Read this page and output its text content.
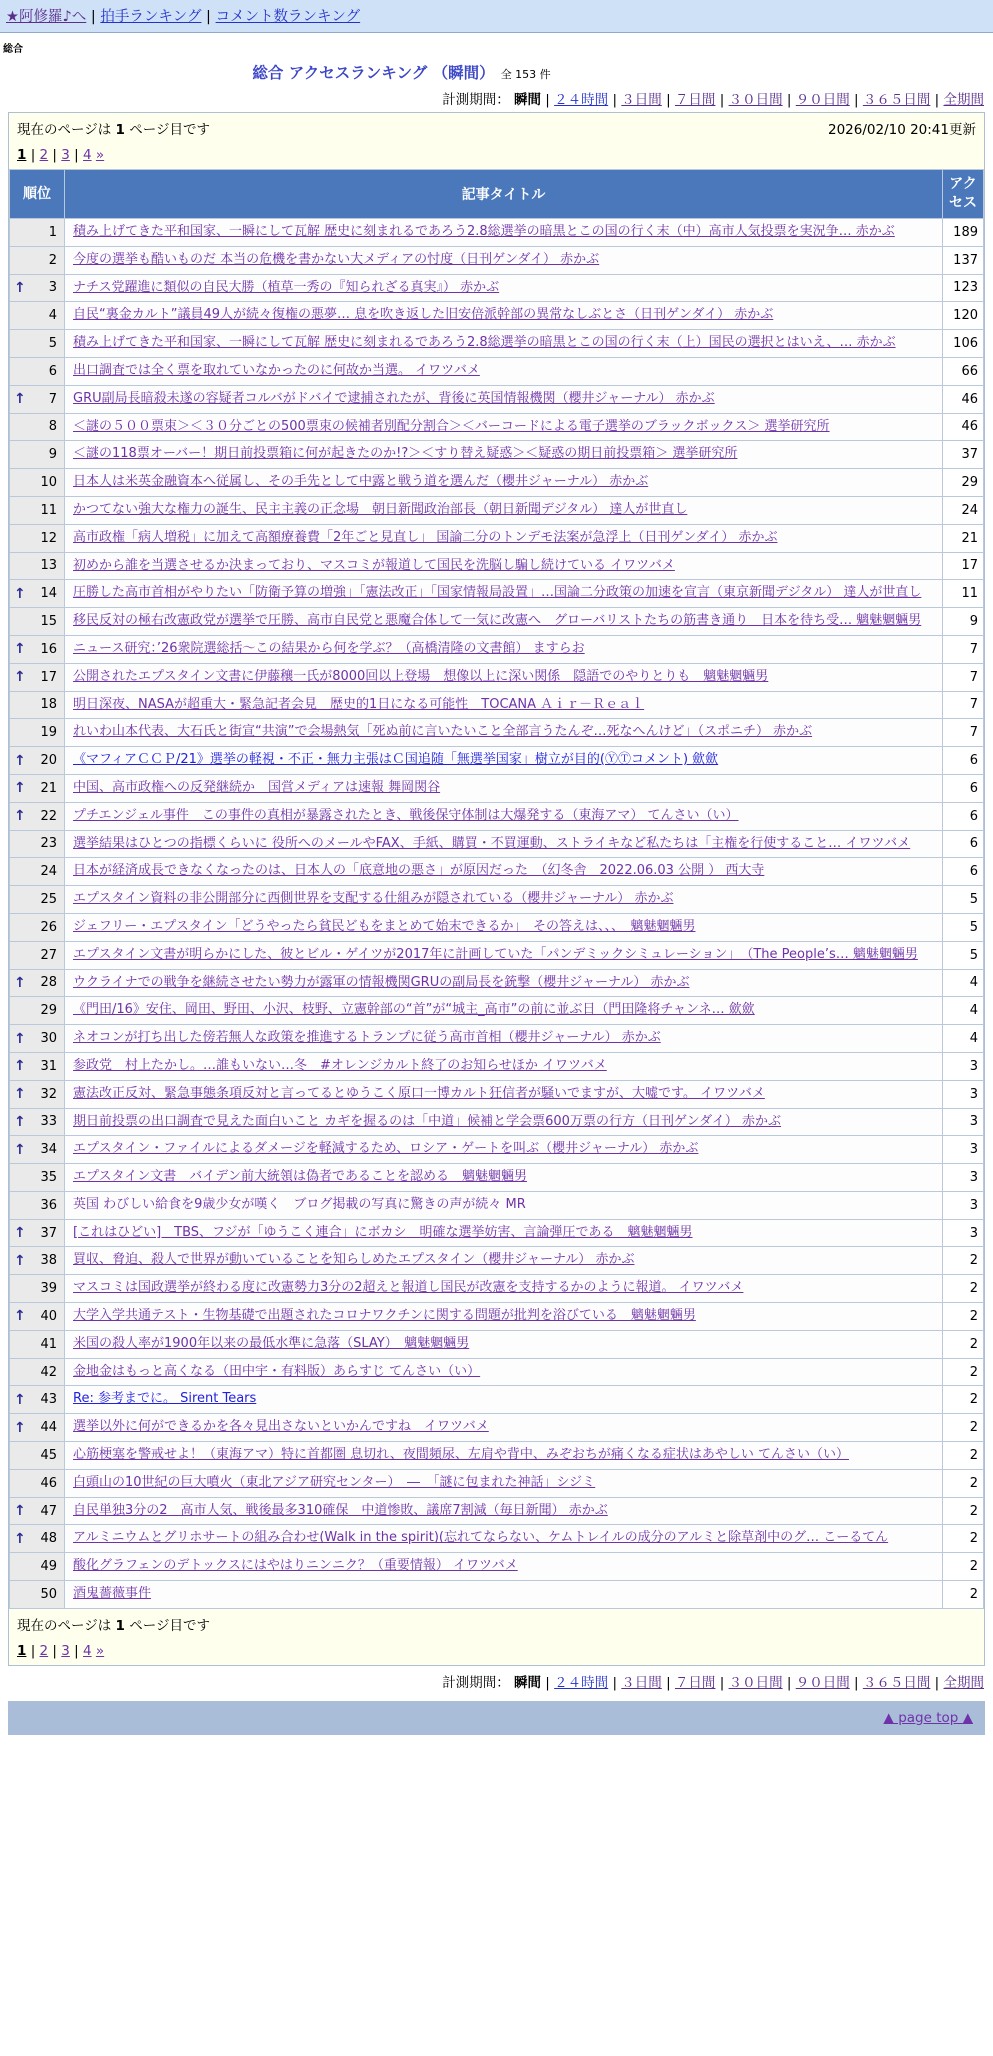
★阿修羅♪へ | 拍手ランキング | コメント数ランキング
総合
総合 アクセスランキング （瞬間） 全 153 件
計測期間： 瞬間 | ２４時間 | ３日間 | ７日間 | ３０日間 | ９０日間 | ３６５日間 | 全期間
現在のページは 1 ページ目です	2026/02/10 20:41更新
1 | 2 | 3 | 4 »
順位	記事タイトル	アクセス

1	積み上げてきた平和国家、一瞬にして瓦解 歴史に刻まれるであろう2.8総選挙の暗黒とこの国の行く末（中）高市人気投票を実況争… 赤かぶ	189
2	今度の選挙も酷いものだ 本当の危機を書かない大メディアの忖度（日刊ゲンダイ） 赤かぶ	137

↑ 3	ナチス党躍進に類似の自民大勝（植草一秀の『知られざる真実』） 赤かぶ	123
4	自民“裏金カルト”議員49人が続々復権の悪夢… 息を吹き返した旧安倍派幹部の異常なしぶとさ（日刊ゲンダイ） 赤かぶ	120
5	積み上げてきた平和国家、一瞬にして瓦解 歴史に刻まれるであろう2.8総選挙の暗黒とこの国の行く末（上）国民の選択とはいえ、… 赤かぶ	106
6	出口調査では全く票を取れていなかったのに何故か当選。 イワツバメ	66

↑ 7	GRU副局長暗殺未遂の容疑者コルバがドバイで逮捕されたが、背後に英国情報機関（櫻井ジャーナル） 赤かぶ	46
8	＜謎の５００票束＞＜３０分ごとの500票束の候補者別配分割合＞＜バーコードによる電子選挙のブラックボックス＞ 選挙研究所	46
9	＜謎の118票オーバー！期日前投票箱に何が起きたのか!?＞＜すり替え疑惑＞＜疑惑の期日前投票箱＞ 選挙研究所	37
10	日本人は米英金融資本へ従属し、その手先として中露と戦う道を選んだ（櫻井ジャーナル） 赤かぶ	29
11	かつてない強大な権力の誕生、民主主義の正念場　朝日新聞政治部長（朝日新聞デジタル） 達人が世直し	24
12	高市政権「病人増税」に加えて高額療養費「2年ごと見直し」 国論二分のトンデモ法案が急浮上（日刊ゲンダイ） 赤かぶ	21
13	初めから誰を当選させるか決まっており、マスコミが報道して国民を洗脳し騙し続けている イワツバメ	17

↑ 14	圧勝した高市首相がやりたい「防衛予算の増強」「憲法改正」「国家情報局設置」…国論二分政策の加速を宣言（東京新聞デジタル） 達人が世直し	11
15	移民反対の極右改憲政党が選挙で圧勝、高市自民党と悪魔合体して一気に改憲へ　グローバリストたちの筋書き通り　日本を待ち受… 魑魅魍魎男	9

↑ 16	ニュース研究：’26衆院選総括～この結果から何を学ぶ？（高橋清隆の文書館） ますらお	7

↑ 17	公開されたエプスタイン文書に伊藤穰一氏が8000回以上登場　想像以上に深い関係　隠語でのやりとりも　魑魅魍魎男	7
18	明日深夜、NASAが超重大・緊急記者会見　歴史的1日になる可能性　TOCANA Ａｉｒ－Ｒｅａｌ	7
19	れいわ山本代表、大石氏と街宣“共演”で会場熱気「死ぬ前に言いたいこと全部言うたんぞ…死なへんけど」（スポニチ） 赤かぶ	7

↑ 20	《マフィアＣＣＰ/21》選挙の軽視・不正・無力主張はＣ国追随「無選挙国家」樹立が目的(ⓎⓉコメント) 歛歛	6

↑ 21	中国、高市政権への反発継続か　国営メディアは速報 舞岡関谷	6

↑ 22	プチエンジェル事件　この事件の真相が暴露されたとき、戦後保守体制は大爆発する（東海アマ） てんさい（い）	6
23	選挙結果はひとつの指標くらいに 役所へのメールやFAX、手紙、購買・不買運動、ストライキなど私たちは「主権を行使すること… イワツバメ	6
24	日本が経済成長できなくなったのは、日本人の「底意地の悪さ」が原因だった　（幻冬舎　2022.06.03 公開 ） 西大寺	6
25	エプスタイン資料の非公開部分に西側世界を支配する仕組みが隠されている（櫻井ジャーナル） 赤かぶ	5
26	ジェフリー・エプスタイン「どうやったら貧民どもをまとめて始末できるか」　その答えは、、、　魑魅魍魎男	5
27	エプスタイン文書が明らかにした、彼とビル・ゲイツが2017年に計画していた「パンデミックシミュレーション」　（The People’s… 魑魅魍魎男	5

↑ 28	ウクライナでの戦争を継続させたい勢力が露軍の情報機関GRUの副局長を銃撃（櫻井ジャーナル） 赤かぶ	4
29	《門田/16》安住、岡田、野田、小沢、枝野、立憲幹部の“首”が“城主_高市”の前に並ぶ日（門田隆将チャンネ… 歛歛	4

↑ 30	ネオコンが打ち出した傍若無人な政策を推進するトランプに従う高市首相（櫻井ジャーナル） 赤かぶ	4

↑ 31	参政党　村上たかし。…誰もいない…冬　#オレンジカルト終了のお知らせほか イワツバメ	3

↑ 32	憲法改正反対、緊急事態条項反対と言ってるとゆうこく原口一博カルト狂信者が騒いでますが、大嘘です。 イワツバメ	3

↑ 33	期日前投票の出口調査で見えた面白いこと カギを握るのは「中道」候補と学会票600万票の行方（日刊ゲンダイ） 赤かぶ	3

↑ 34	エプスタイン・ファイルによるダメージを軽減するため、ロシア・ゲートを叫ぶ（櫻井ジャーナル） 赤かぶ	3
35	エプスタイン文書　バイデン前大統領は偽者であることを認める　魑魅魍魎男	3
36	英国 わびしい給食を9歳少女が嘆く　ブログ掲載の写真に驚きの声が続々 MR	3

↑ 37	[これはひどい]　TBS、フジが「ゆうこく連合」にボカシ　明確な選挙妨害、言論弾圧である　魑魅魍魎男	3

↑ 38	買収、脅迫、殺人で世界が動いていることを知らしめたエプスタイン（櫻井ジャーナル） 赤かぶ	2
39	マスコミは国政選挙が終わる度に改憲勢力3分の2超えと報道し国民が改憲を支持するかのように報道。 イワツバメ	2

↑ 40	大学入学共通テスト・生物基礎で出題されたコロナワクチンに関する問題が批判を浴びている　魑魅魍魎男	2
41	米国の殺人率が1900年以来の最低水準に急落（SLAY）　魑魅魍魎男	2
42	金地金はもっと高くなる（田中宇・有料版）あらすじ てんさい（い）	2

↑ 43	Re: 参考までに。 Sirent Tears	2

↑ 44	選挙以外に何ができるかを各々見出さないといかんですね　イワツバメ	2
45	心筋梗塞を警戒せよ！（東海アマ）特に首都圏 息切れ、夜間頻尿、左肩や背中、みぞおちが痛くなる症状はあやしい てんさい（い）	2
46	白頭山の10世紀の巨大噴火（東北アジア研究センター）　―　「謎に包まれた神話」シジミ	2

↑ 47	自民単独3分の2　高市人気、戦後最多310確保　中道惨敗、議席7割減（毎日新聞） 赤かぶ	2

↑ 48	アルミニウムとグリホサートの組み合わせ(Walk in the spirit)(忘れてならない、ケムトレイルの成分のアルミと除草剤中のグ… こーるてん	2
49	酸化グラフェンのデトックスにはやはりニンニク？（重要情報） イワツバメ	2
50	酒鬼薔薇事件	2
現在のページは 1 ページ目です
1 | 2 | 3 | 4 »
計測期間： 瞬間 | ２４時間 | ３日間 | ７日間 | ３０日間 | ９０日間 | ３６５日間 | 全期間
▲ page top ▲
